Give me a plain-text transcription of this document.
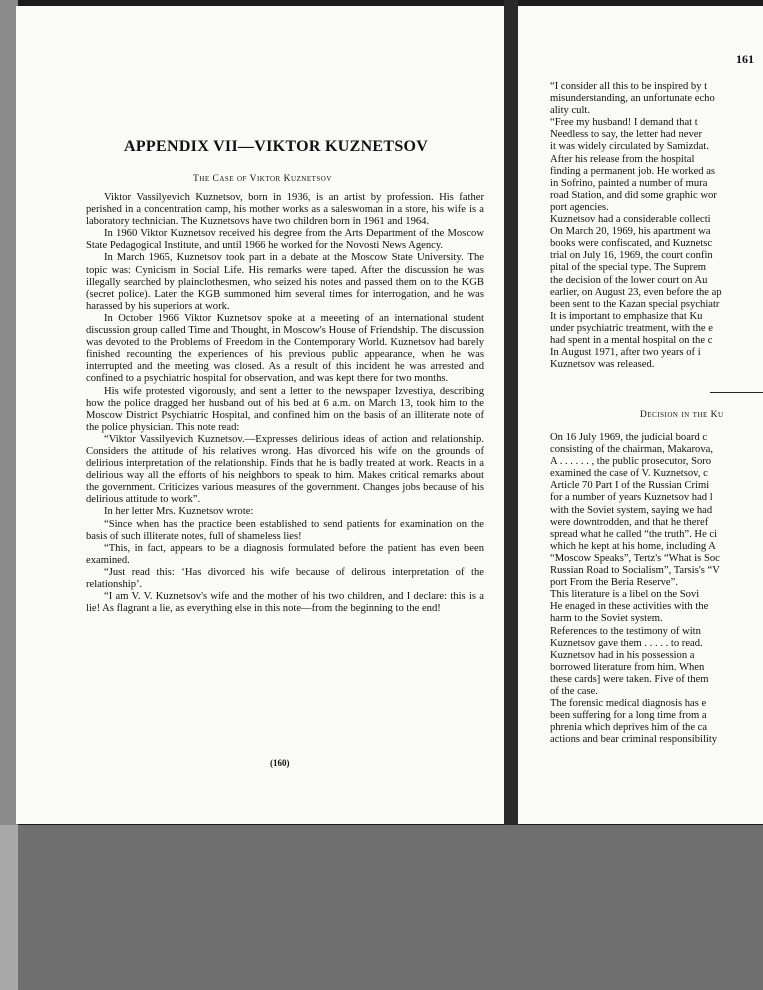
APPENDIX VII—VIKTOR KUZNETSOV
The Case of Viktor Kuznetsov

Viktor Vassilyevich Kuznetsov, born in 1936, is an artist by profession. His father perished in a concentration camp, his mother works as a saleswoman in a store, his wife is a laboratory technician. The Kuznetsovs have two children born in 1961 and 1964.

In 1960 Viktor Kuznetsov received his degree from the Arts Department of the Moscow State Pedagogical Institute, and until 1966 he worked for the Novosti News Agency.

In March 1965, Kuznetsov took part in a debate at the Moscow State University. The topic was: Cynicism in Social Life. His remarks were taped. After the discussion he was illegally searched by plainclothesmen, who seized his notes and passed them on to the KGB (secret police). Later the KGB summoned him several times for interrogation, and he was harassed by his superiors at work.

In October 1966 Viktor Kuznetsov spoke at a meeeting of an international student discussion group called Time and Thought, in Moscow's House of Friendship. The discussion was devoted to the Problems of Freedom in the Contemporary World. Kuznetsov had barely finished recounting the experiences of his previous public appearance, when he was interrupted and the meeting was closed. As a result of this incident he was arrested and confined to a psychiatric hospital for observation, and was kept there for two months.

His wife protested vigorously, and sent a letter to the newspaper Izvestiya, describing how the police dragged her husband out of his bed at 6 a.m. on March 13, took him to the Moscow District Psychiatric Hospital, and confined him on the basis of an illiterate note of the police physician. This note read:

“Viktor Vassilyevich Kuznetsov.—Expresses delirious ideas of action and relationship. Considers the attitude of his relatives wrong. Has divorced his wife on the grounds of delirious interpretation of the relationship. Finds that he is badly treated at work. Reacts in a delirious way all the efforts of his neighbors to speak to him. Makes critical remarks about the government. Criticizes various measures of the government. Changes jobs because of his delirious attitude to work”.

In her letter Mrs. Kuznetsov wrote:

“Since when has the practice been established to send patients for examination on the basis of such illiterate notes, full of shameless lies!

“This, in fact, appears to be a diagnosis formulated before the patient has even been examined.

“Just read this: ‘Has divorced his wife because of delirous interpretation of the relationship’.

“I am V. V. Kuznetsov's wife and the mother of his two children, and I declare: this is a lie! As flagrant a lie, as everything else in this note—from the beginning to the end!

(160)
161

“I consider all this to be inspired by t

misunderstanding, an unfortunate echo

ality cult.

“Free my husband! I demand that t

Needless to say, the letter had never

it was widely circulated by Samizdat.

After his release from the hospital

finding a permanent job. He worked as

in Sofrino, painted a number of mura

road Station, and did some graphic wor

port agencies.

Kuznetsov had a considerable collecti

On March 20, 1969, his apartment wa

books were confiscated, and Kuznetsc

trial on July 16, 1969, the court confin

pital of the special type. The Suprem

the decision of the lower court on Au

earlier, on August 23, even before the ap

been sent to the Kazan special psychiatr

It is important to emphasize that Ku

under psychiatric treatment, with the e

had spent in a mental hospital on the c

In August 1971, after two years of i

Kuznetsov was released.

Decision in the Ku

On 16 July 1969, the judicial board c

consisting of the chairman, Makarova,

A . . . . . . , the public prosecutor, Soro

examined the case of V. Kuznetsov, c

Article 70 Part I of the Russian Crimi

for a number of years Kuznetsov had l

with the Soviet system, saying we had

were downtrodden, and that he theref

spread what he called “the truth”. He ci

which he kept at his home, including A

“Moscow Speaks”, Tertz's “What is Soc

Russian Road to Socialism”, Tarsis's “V

port From the Beria Reserve”.

This literature is a libel on the Sovi

He enaged in these activities with the

harm to the Soviet system.

References to the testimony of witn

Kuznetsov gave them . . . . . to read.

Kuznetsov had in his possession a

borrowed literature from him. When

these cards] were taken. Five of them

of the case.

The forensic medical diagnosis has e

been suffering for a long time from a

phrenia which deprives him of the ca

actions and bear criminal responsibility
